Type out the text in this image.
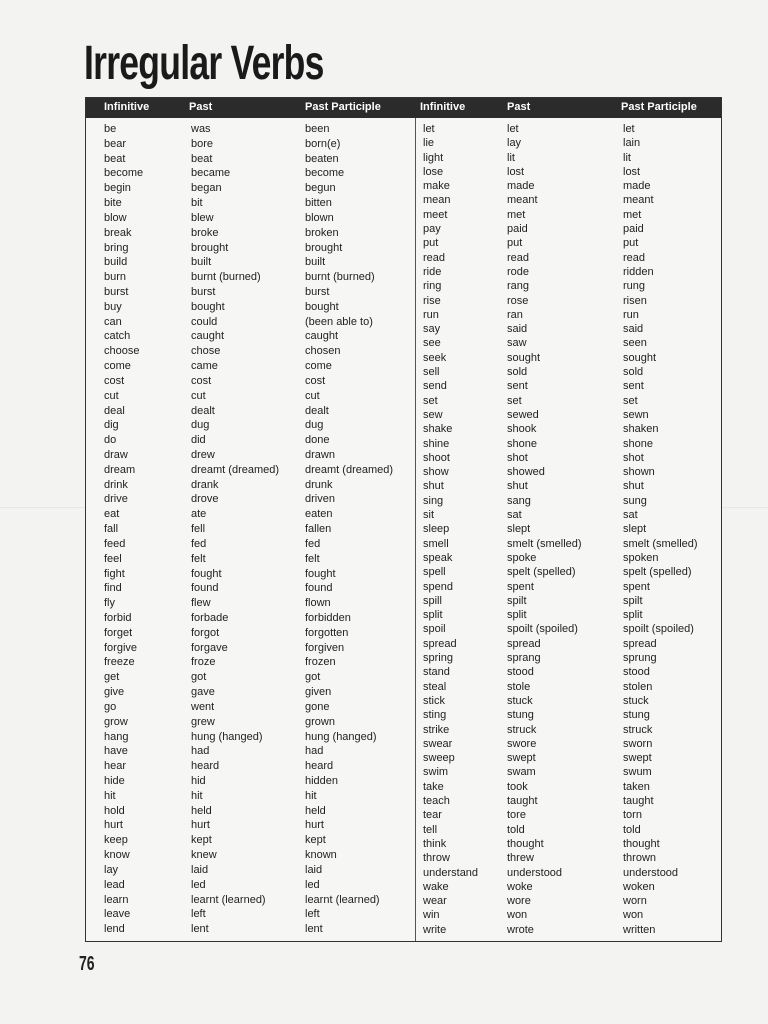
Irregular Verbs
Infinitive	Past	Past Participle	Infinitive	Past	Past Participle
be	was	been
bear	bore	born(e)
beat	beat	beaten
become	became	become
begin	began	begun
bite	bit	bitten
blow	blew	blown
break	broke	broken
bring	brought	brought
build	built	built
burn	burnt (burned)	burnt (burned)
burst	burst	burst
buy	bought	bought
can	could	(been able to)
catch	caught	caught
choose	chose	chosen
come	came	come
cost	cost	cost
cut	cut	cut
deal	dealt	dealt
dig	dug	dug
do	did	done
draw	drew	drawn
dream	dreamt (dreamed) dreamt (dreamed)
drink	drank	drunk
drive	drove	driven
eat	ate	eaten
fall	fell	fallen
feed	fed	fed
feel	felt	felt
fight	fought	fought
find	found	found
fly	flew	flown
forbid	forbade	forbidden
forget	forgot	forgotten
forgive	forgave	forgiven
freeze	froze	frozen
get	got	got
give	gave	given
go	went	gone
grow	grew	grown
hang	hung (hanged)	hung (hanged)
have	had	had
hear	heard	heard
hide	hid	hidden
hit	hit	hit
hold	held	held
hurt	hurt	hurt
keep	kept	kept
know	knew	known
lay	laid	laid
lead	led	led
learn	learnt (learned)	learnt (learned)
leave	left	left
lend	lent	lent
let	let	let
lie	lay	lain
light	lit	lit
lose	lost	lost
make	made	made
mean	meant	meant
meet	met	met
pay	paid	paid
put	put	put
read	read	read
ride	rode	ridden
ring	rang	rung
rise	rose	risen
run	ran	run
say	said	said
see	saw	seen
seek	sought	sought
sell	sold	sold
send	sent	sent
set	set	set
sew	sewed	sewn
shake	shook	shaken
shine	shone	shone
shoot	shot	shot
show	showed	shown
shut	shut	shut
sing	sang	sung
sit	sat	sat
sleep	slept	slept
smell	smelt (smelled)	smelt (smelled)
speak	spoke	spoken
spell	spelt (spelled)	spelt (spelled)
spend	spent	spent
spill	spilt	spilt
split	split	split
spoil	spoilt (spoiled)	spoilt (spoiled)
spread	spread	spread
spring	sprang	sprung
stand	stood	stood
steal	stole	stolen
stick	stuck	stuck
sting	stung	stung
strike	struck	struck
swear	swore	sworn
sweep	swept	swept
swim	swam	swum
take	took	taken
teach	taught	taught
tear	tore	torn
tell	told	told
think	thought	thought
throw	threw	thrown
understand	understood	understood
wake	woke	woken
wear	wore	worn
win	won	won
write	wrote	written
76
